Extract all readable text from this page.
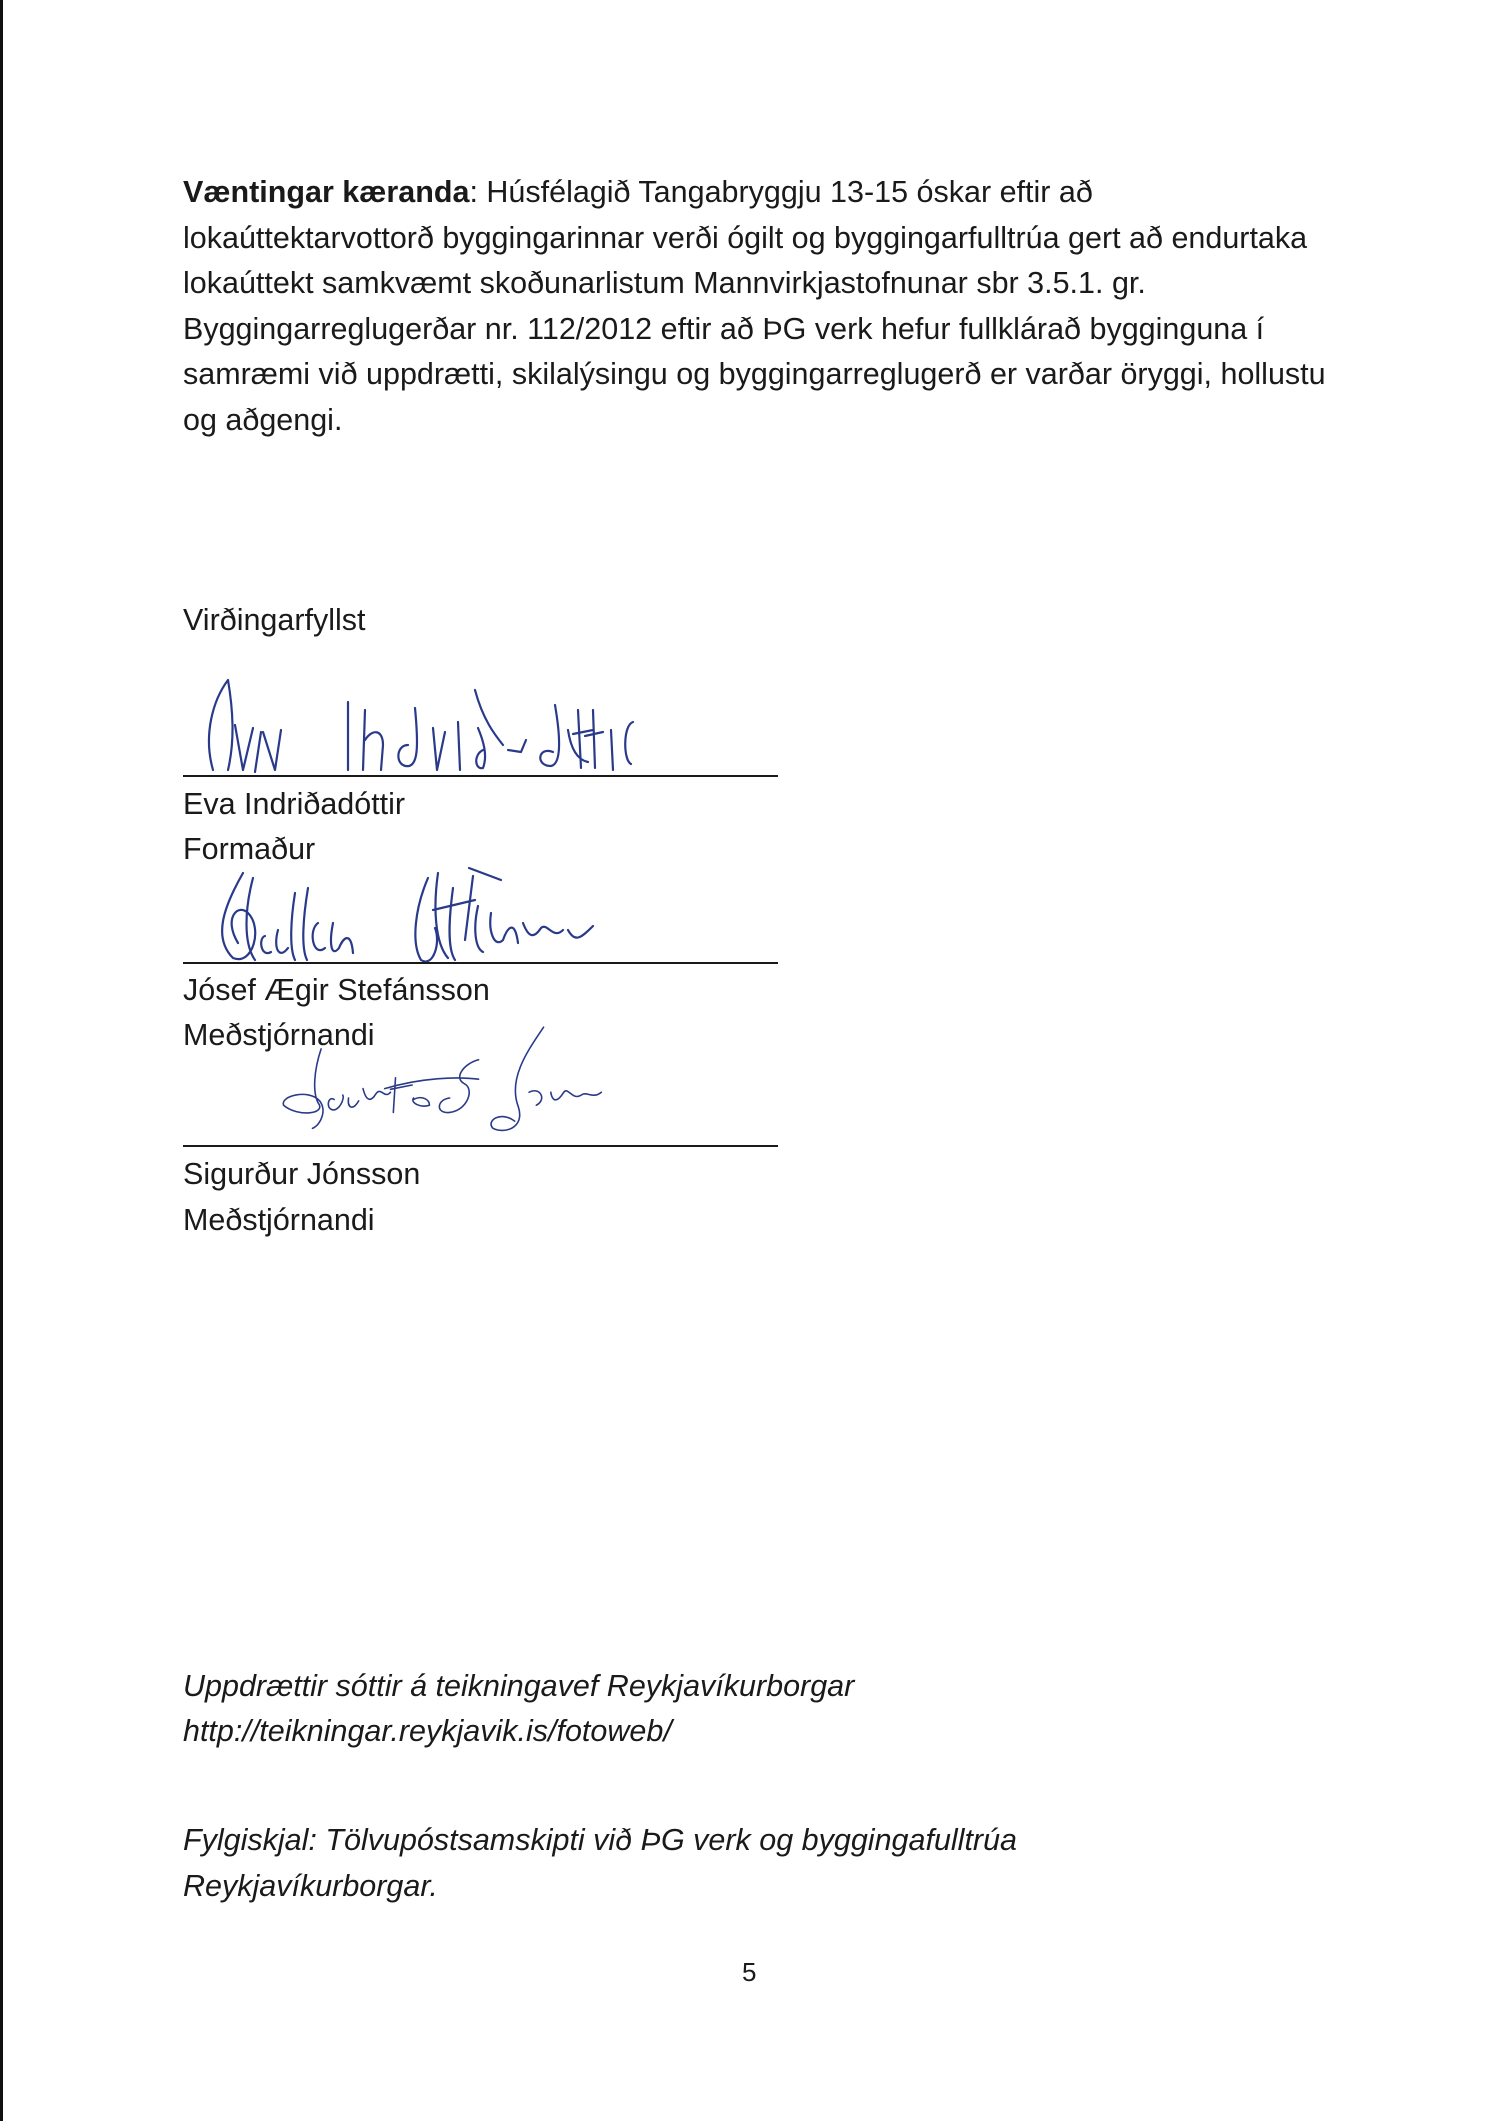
Væntingar kæranda: Húsfélagið Tangabryggju 13-15 óskar eftir að lokaúttektarvottorð byggingarinnar verði ógilt og byggingarfulltrúa gert að endurtaka lokaúttekt samkvæmt skoðunarlistum Mannvirkjastofnunar sbr 3.5.1. gr. Byggingarreglugerðar nr. 112/2012 eftir að ÞG verk hefur fullklárað bygginguna í samræmi við uppdrætti, skilalýsingu og byggingarreglugerð er varðar öryggi, hollustu og aðgengi.

Virðingarfyllst

Eva Indriðadóttir

Formaður

Jósef Ægir Stefánsson

Meðstjórnandi

Sigurður Jónsson

Meðstjórnandi

Uppdrættir sóttir á teikningavef Reykjavíkurborgar

http://teikningar.reykjavik.is/fotoweb/

Fylgiskjal: Tölvupóstsamskipti við ÞG verk og byggingafulltrúa

Reykjavíkurborgar.

5
